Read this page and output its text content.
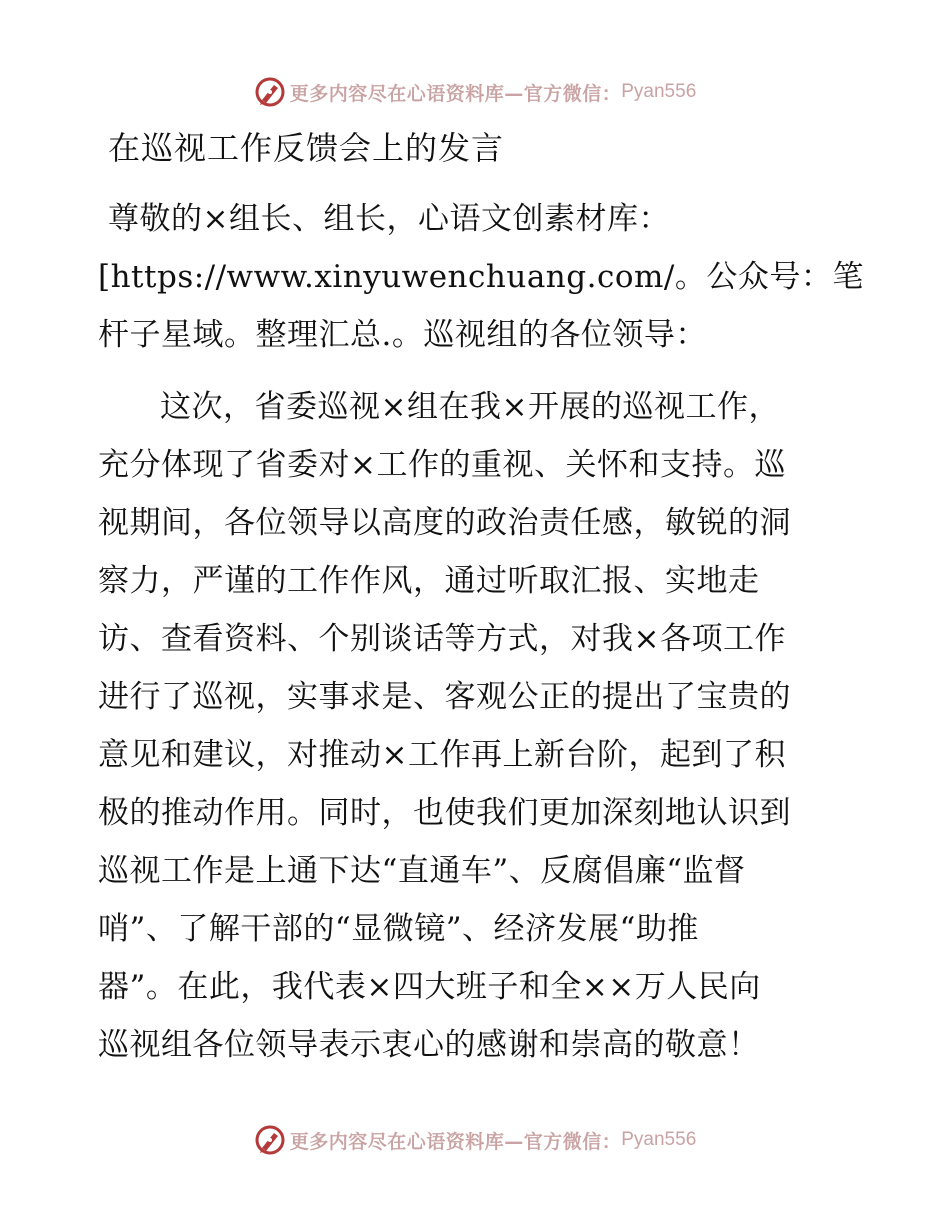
更多内容尽在心语资料库—官方微信： Pyan556
在巡视工作反馈会上的发言
尊敬的×组长、组长，心语文创素材库：
[https://www.xinyuwenchuang.com/。公众号：笔
杆子星域。整理汇总.。巡视组的各位领导：
这次，省委巡视×组在我×开展的巡视工作，
充分体现了省委对×工作的重视、关怀和支持。巡
视期间，各位领导以高度的政治责任感，敏锐的洞
察力，严谨的工作作风，通过听取汇报、实地走
访、查看资料、个别谈话等方式，对我×各项工作
进行了巡视，实事求是、客观公正的提出了宝贵的
意见和建议，对推动×工作再上新台阶，起到了积
极的推动作用。同时，也使我们更加深刻地认识到
巡视工作是上通下达“直通车”、反腐倡廉“监督
哨”、了解干部的“显微镜”、经济发展“助推
器”。在此，我代表×四大班子和全××万人民向
巡视组各位领导表示衷心的感谢和崇高的敬意！
更多内容尽在心语资料库—官方微信： Pyan556
